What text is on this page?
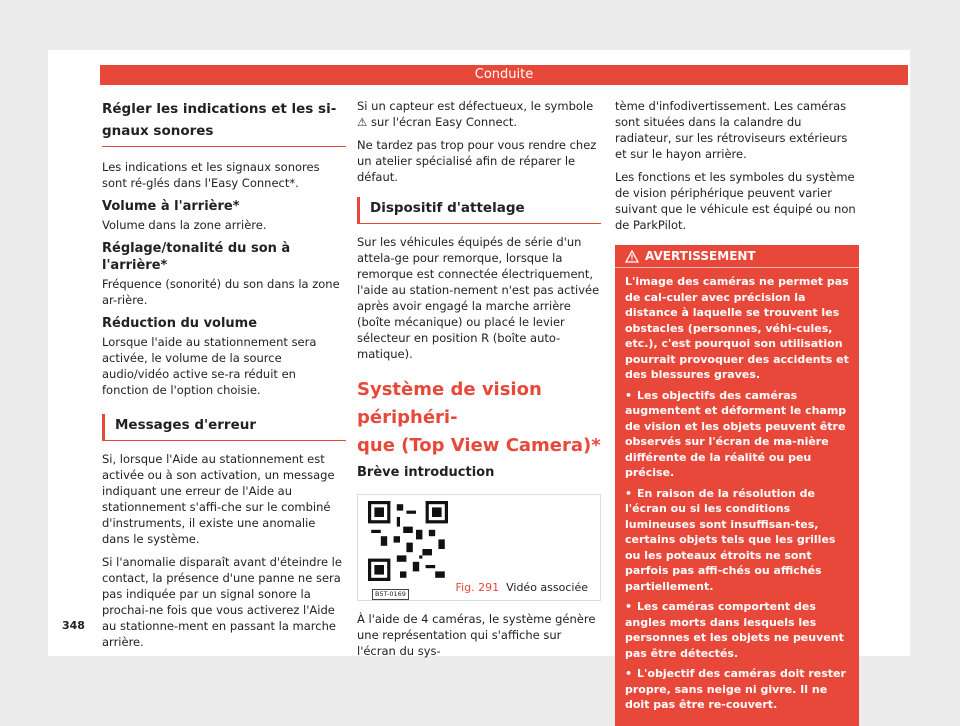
Conduite
Régler les indications et les si-
gnaux sonores

Les indications et les signaux sonores sont ré-glés dans l'Easy Connect*.

Volume à l'arrière*

Volume dans la zone arrière.

Réglage/tonalité du son à l'arrière*

Fréquence (sonorité) du son dans la zone ar-rière.

Réduction du volume

Lorsque l'aide au stationnement sera activée, le volume de la source audio/vidéo active se-ra réduit en fonction de l'option choisie.

Messages d'erreur

Si, lorsque l'Aide au stationnement est activée ou à son activation, un message indiquant une erreur de l'Aide au stationnement s'affi-che sur le combiné d'instruments, il existe une anomalie dans le système.

Si l'anomalie disparaît avant d'éteindre le contact, la présence d'une panne ne sera pas indiquée par un signal sonore la prochai-ne fois que vous activerez l'Aide au stationne-ment en passant la marche arrière.

Si un capteur est défectueux, le symbole ⚠ sur l'écran Easy Connect.

Ne tardez pas trop pour vous rendre chez un atelier spécialisé afin de réparer le défaut.

Dispositif d'attelage

Sur les véhicules équipés de série d'un attela-ge pour remorque, lorsque la remorque est connectée électriquement, l'aide au station-nement n'est pas activée après avoir engagé la marche arrière (boîte mécanique) ou placé le levier sélecteur en position R (boîte auto-matique).

Système de vision périphéri-
que (Top View Camera)*
Brève introduction
B5T-0169	Fig. 291 Vidéo associée

À l'aide de 4 caméras, le système génère une représentation qui s'affiche sur l'écran du sys-

tème d'infodivertissement. Les caméras sont situées dans la calandre du radiateur, sur les rétroviseurs extérieurs et sur le hayon arrière.

Les fonctions et les symboles du système de vision périphérique peuvent varier suivant que le véhicule est équipé ou non de ParkPilot.

AVERTISSEMENT

L'image des caméras ne permet pas de cal-culer avec précision la distance à laquelle se trouvent les obstacles (personnes, véhi-cules, etc.), c'est pourquoi son utilisation pourrait provoquer des accidents et des blessures graves.

• Les objectifs des caméras augmentent et déforment le champ de vision et les objets peuvent être observés sur l'écran de ma-nière différente de la réalité ou peu précise.

• En raison de la résolution de l'écran ou si les conditions lumineuses sont insuffisan-tes, certains objets tels que les grilles ou les poteaux étroits ne sont parfois pas affi-chés ou affichés partiellement.

• Les caméras comportent des angles morts dans lesquels les personnes et les objets ne peuvent pas être détectés.

• L'objectif des caméras doit rester propre, sans neige ni givre. Il ne doit pas être re-couvert.

348
